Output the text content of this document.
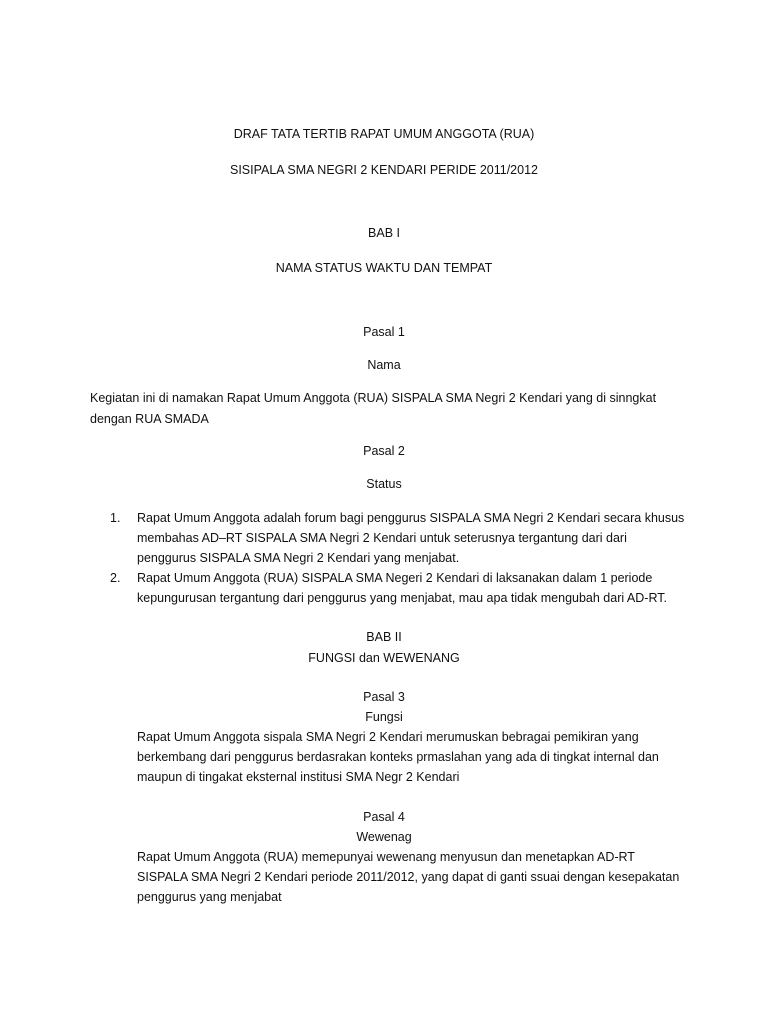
DRAF TATA TERTIB RAPAT UMUM ANGGOTA (RUA)
SISIPALA SMA NEGRI 2 KENDARI PERIDE 2011/2012
BAB I
NAMA STATUS WAKTU DAN TEMPAT
Pasal 1
Nama
Kegiatan ini di namakan Rapat Umum Anggota (RUA) SISPALA SMA Negri 2 Kendari yang di sinngkat
dengan RUA SMADA
Pasal 2
Status
1.	Rapat Umum Anggota adalah forum bagi penggurus SISPALA SMA Negri 2 Kendari secara khusus
membahas AD–RT SISPALA SMA Negri 2 Kendari untuk seterusnya tergantung dari dari
penggurus SISPALA SMA Negri 2 Kendari yang menjabat.
2.	Rapat Umum Anggota (RUA) SISPALA SMA Negeri 2 Kendari di laksanakan dalam 1 periode
kepungurusan tergantung dari penggurus yang menjabat, mau apa tidak mengubah dari AD-RT.
BAB II
FUNGSI dan WEWENANG
Pasal 3
Fungsi
Rapat Umum Anggota sispala SMA Negri 2 Kendari merumuskan bebragai pemikiran yang
berkembang dari penggurus berdasrakan konteks prmaslahan yang ada di tingkat internal dan
maupun di tingakat eksternal institusi SMA Negr 2 Kendari
Pasal 4
Wewenag
Rapat Umum Anggota (RUA) memepunyai wewenang menyusun dan menetapkan AD-RT
SISPALA SMA Negri 2 Kendari periode 2011/2012, yang dapat di ganti ssuai dengan kesepakatan
penggurus yang menjabat
